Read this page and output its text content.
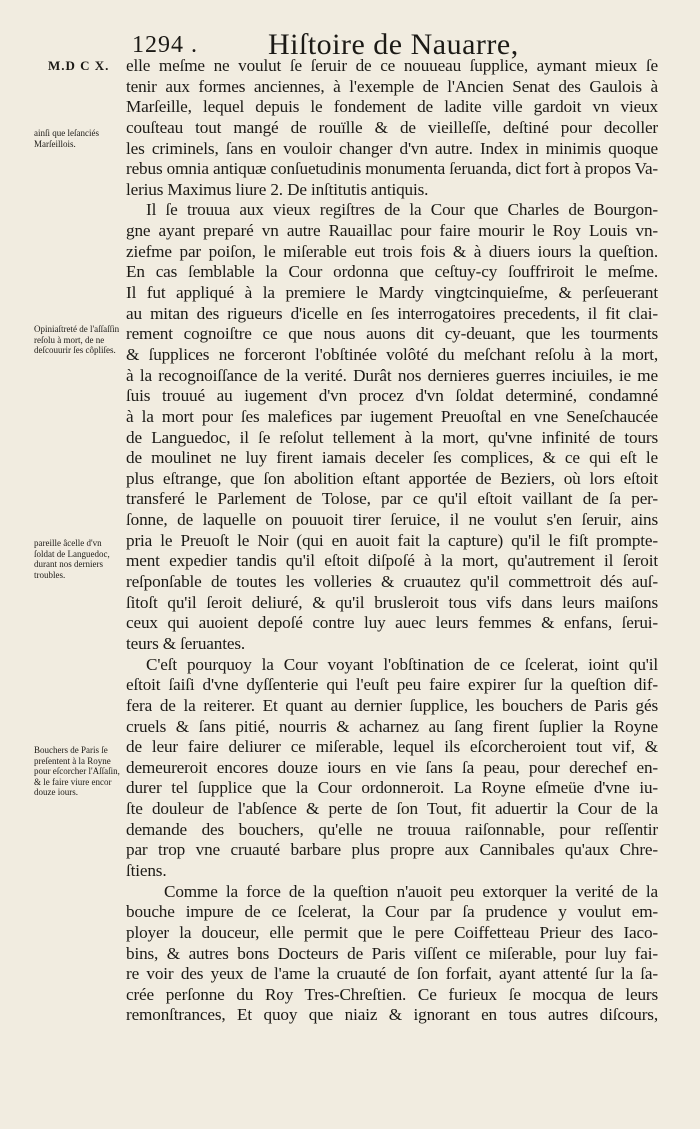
1294 . Hiſtoire de Nauarre,
M.D C X.
ainſi que leſanciés Marſeillois.
Opiniaſtreté de l'aſſaſſin reſolu à mort, de ne deſcouurir ſes côpliſes.
pareille âcelle d'vn ſoldat de Languedoc, durant nos derniers troubles.
Bouchers de Paris ſe preſentent à la Royne pour eſcorcher l'Aſſaſin, & le faire viure encor douze iours.
elle meſme ne voulut ſe ſeruir de ce nouueau ſupplice, aymant mieux ſe
tenir aux formes anciennes, à l'exemple de l'Ancien Senat des Gaulois à
Marſeille, lequel depuis le fondement de ladite ville gardoit vn vieux
couſteau tout mangé de rouïlle & de vieilleſſe, deſtiné pour decoller
les criminels, ſans en vouloir changer d'vn autre. Index in minimis quoque
rebus omnia antiquæ conſuetudinis monumenta ſeruanda, dict fort à propos Va-
lerius Maximus liure 2. De inſtitutis antiquis.
Il ſe trouua aux vieux regiſtres de la Cour que Charles de Bourgon-
gne ayant preparé vn autre Rauaillac pour faire mourir le Roy Louis vn-
ziefme par poiſon, le miſerable eut trois fois & à diuers iours la queſtion.
En cas ſemblable la Cour ordonna que ceſtuy-cy ſouffriroit le meſme.
Il fut appliqué à la premiere le Mardy vingtcinquieſme, & perſeuerant
au mitan des rigueurs d'icelle en ſes interrogatoires precedents, il fit clai-
rement cognoiſtre ce que nous auons dit cy-deuant, que les tourments
& ſupplices ne forceront l'obſtinée volôté du meſchant reſolu à la mort,
à la recognoiſſance de la verité. Durât nos dernieres guerres inciuiles, ie me
ſuis trouué au iugement d'vn procez d'vn ſoldat determiné, condamné
à la mort pour ſes malefices par iugement Preuoſtal en vne Seneſchaucée
de Languedoc, il ſe reſolut tellement à la mort, qu'vne infinité de tours
de moulinet ne luy firent iamais deceler ſes complices, & ce qui eſt le
plus eſtrange, que ſon abolition eſtant apportée de Beziers, où lors eſtoit
transferé le Parlement de Tolose, par ce qu'il eſtoit vaillant de ſa per-
ſonne, de laquelle on pouuoit tirer ſeruice, il ne voulut s'en ſeruir, ains
pria le Preuoſt le Noir (qui en auoit fait la capture) qu'il le fiſt prompte-
ment expedier tandis qu'il eſtoit diſpoſé à la mort, qu'autrement il ſeroit
reſponſable de toutes les volleries & cruautez qu'il commettroit dés auſ-
ſitoſt qu'il ſeroit deliuré, & qu'il brusleroit tous vifs dans leurs maiſons
ceux qui auoient depoſé contre luy auec leurs femmes & enfans, ſerui-
teurs & ſeruantes.
C'eſt pourquoy la Cour voyant l'obſtination de ce ſcelerat, ioint qu'il
eſtoit ſaiſi d'vne dyſſenterie qui l'euſt peu faire expirer ſur la queſtion dif-
fera de la reiterer. Et quant au dernier ſupplice, les bouchers de Paris gés
cruels & ſans pitié, nourris & acharnez au ſang firent ſuplier la Royne
de leur faire deliurer ce miſerable, lequel ils eſcorcheroient tout vif, &
demeureroit encores douze iours en vie ſans ſa peau, pour derechef en-
durer tel ſupplice que la Cour ordonneroit. La Royne eſmeüe d'vne iu-
ſte douleur de l'abſence & perte de ſon Tout, fit aduertir la Cour de la
demande des bouchers, qu'elle ne trouua raiſonnable, pour reſſentir
par trop vne cruauté barbare plus propre aux Cannibales qu'aux Chre-
ſtiens.
Comme la force de la queſtion n'auoit peu extorquer la verité de la
bouche impure de ce ſcelerat, la Cour par ſa prudence y voulut em-
ployer la douceur, elle permit que le pere Coiffetteau Prieur des Iaco-
bins, & autres bons Docteurs de Paris viſſent ce miſerable, pour luy fai-
re voir des yeux de l'ame la cruauté de ſon forfait, ayant attenté ſur la ſa-
crée perſonne du Roy Tres-Chreſtien. Ce furieux ſe mocqua de leurs
remonſtrances, Et quoy que niaiz & ignorant en tous autres diſcours,
